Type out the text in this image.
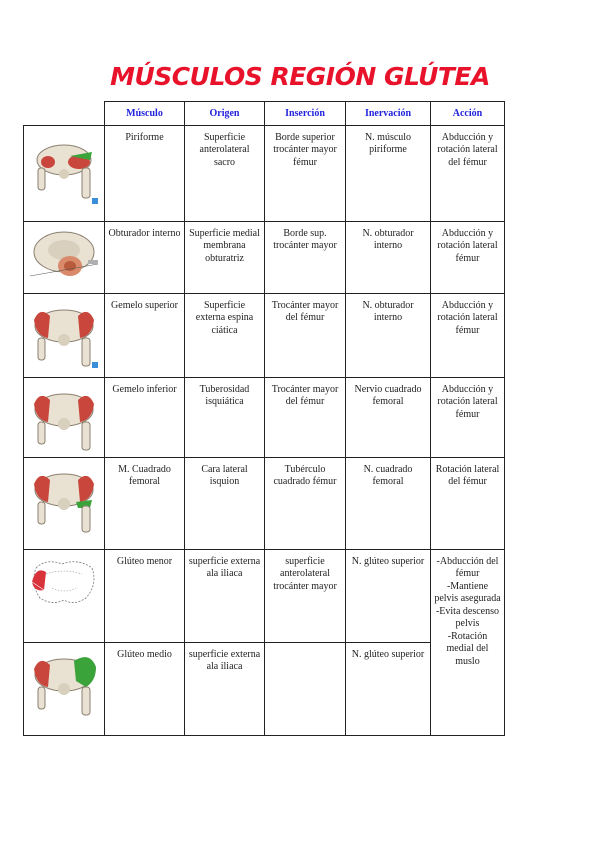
MÚSCULOS REGIÓN GLÚTEA
	Músculo	Origen	Inserción	Inervación	Acción

	Piriforme	Superficie anterolateral sacro	Borde superior trocánter mayor fémur	N. músculo piriforme	Abducción y rotación lateral del fémur

	Obturador interno	Superficie medial membrana obturatriz	Borde sup. trocánter mayor	N. obturador interno	Abducción y rotación lateral fémur

	Gemelo superior	Superficie externa espina ciática	Trocánter mayor del fémur	N. obturador interno	Abducción y rotación lateral fémur

	Gemelo inferior	Tuberosidad isquiática	Trocánter mayor del fémur	Nervio cuadrado femoral	Abducción y rotación lateral fémur

	M. Cuadrado femoral	Cara lateral isquion	Tubérculo cuadrado fémur	N. cuadrado femoral	Rotación lateral del fémur

	Glúteo menor	superficie externa ala iliaca	superficie anterolateral trocánter mayor	N. glúteo superior	-Abducción del fémur
-Mantiene pelvis asegurada
-Evita descenso pelvis
-Rotación medial del muslo

	Glúteo medio	superficie externa ala iliaca		N. glúteo superior	
